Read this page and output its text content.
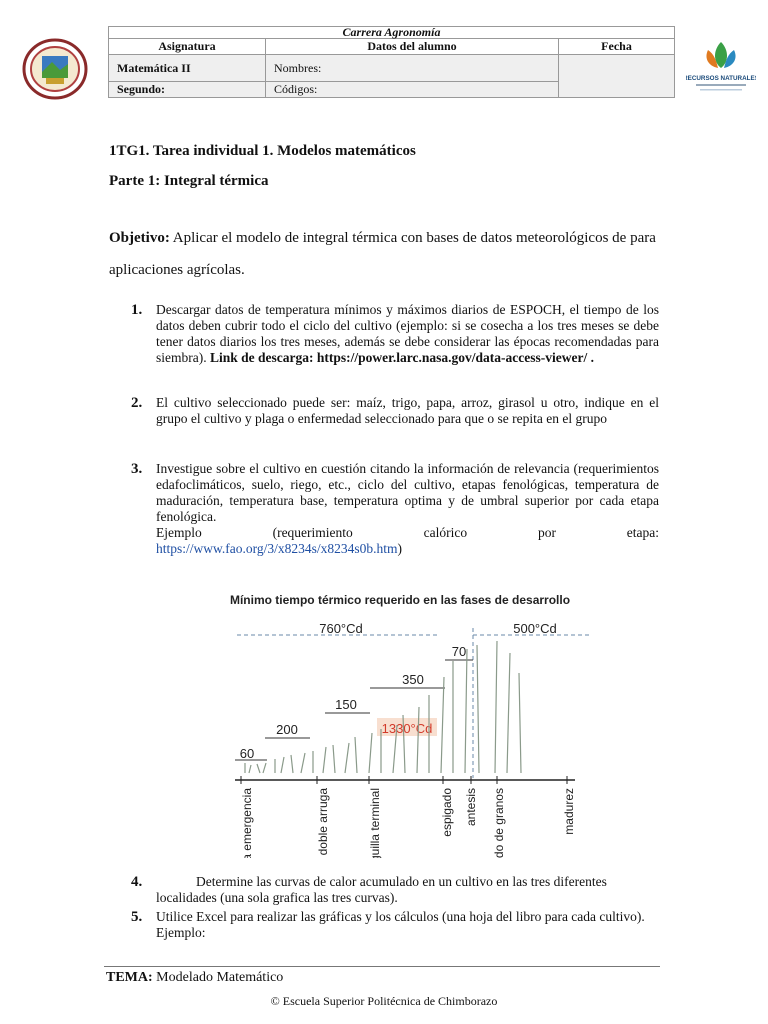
RECURSOS NATURALES
Carrera Agronomía		
Asignatura	Datos del alumno	Fecha
Matemática II	Nombres:	
Segundo:	Códigos:	
1TG1. Tarea individual 1. Modelos matemáticos
Parte 1: Integral térmica
Objetivo: Aplicar el modelo de integral térmica con bases de datos meteorológicos de para aplicaciones agrícolas.
1. Descargar datos de temperatura mínimos y máximos diarios de ESPOCH, el tiempo de los datos deben cubrir todo el ciclo del cultivo (ejemplo: si se cosecha a los tres meses se debe tener datos diarios los tres meses, además se debe considerar las épocas recomendadas para siembra). Link de descarga: https://power.larc.nasa.gov/data-access-viewer/ .
2. El cultivo seleccionado puede ser: maíz, trigo, papa, arroz, girasol u otro, indique en el grupo el cultivo y plaga o enfermedad seleccionado para que o se repita en el grupo
3. Investigue sobre el cultivo en cuestión citando la información de relevancia (requerimientos edafoclimáticos, suelo, riego, etc., ciclo del cultivo, etapas fenológicas, temperatura de maduración, temperatura base, temperatura optima y de umbral superior por cada etapa fenológica.
Ejemplo	(requerimiento	calórico	por	etapa:
https://www.fao.org/3/x8234s/x8234s0b.htm)
Mínimo tiempo térmico requerido en las fases de desarrollo
760°Cd	500°Cd
60
200
150
350
70
1330°Cd
siembra emergencia	doble arruga	espiguilla terminal	espigado antesis llenado de granos	madurez
4.	Determine las curvas de calor acumulado en un cultivo en las tres diferentes localidades (una sola grafica las tres curvas).
5. Utilice Excel para realizar las gráficas y los cálculos (una hoja del libro para cada cultivo).
Ejemplo:
TEMA: Modelado Matemático
© Escuela Superior Politécnica de Chimborazo
